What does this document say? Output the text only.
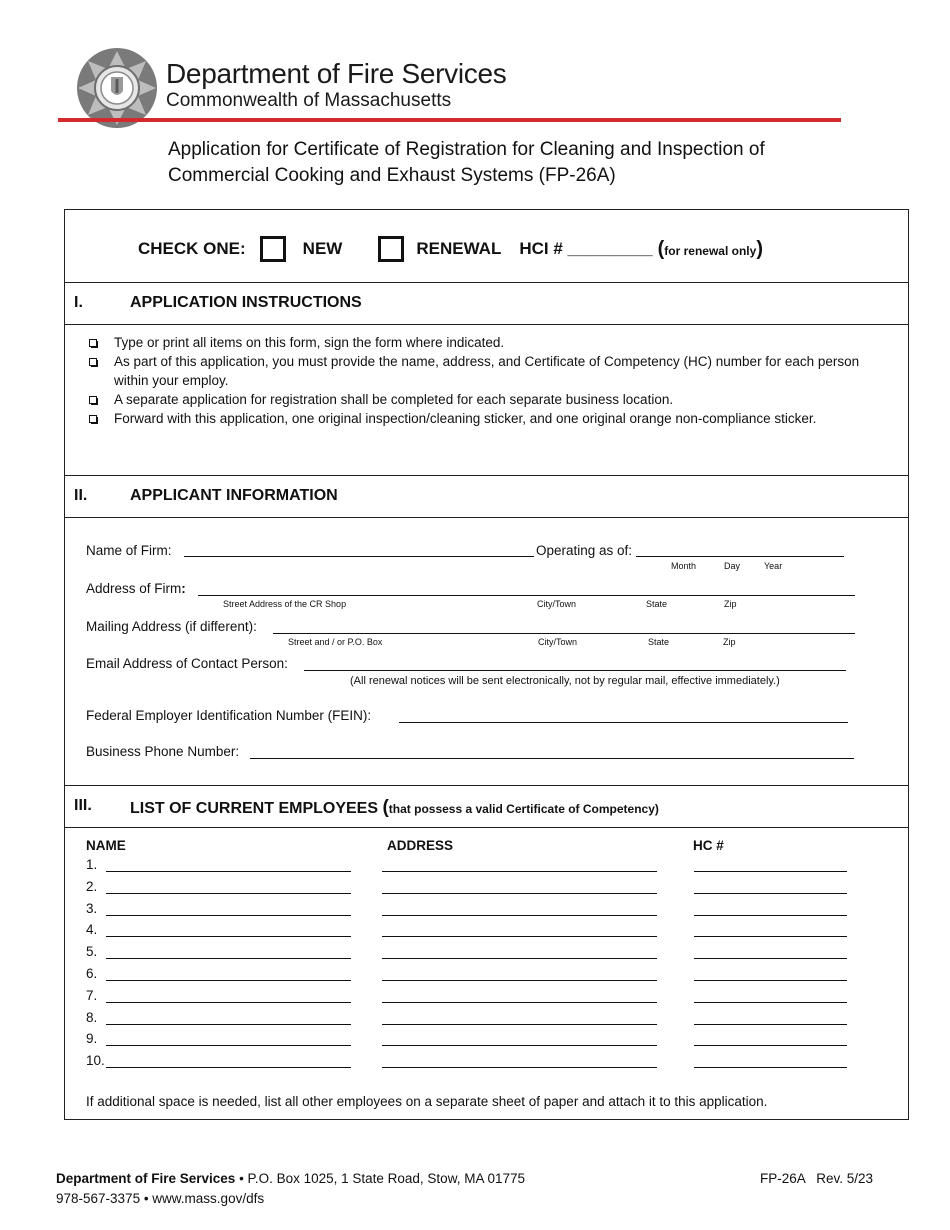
Department of Fire Services
Commonwealth of Massachusetts
Application for Certificate of Registration for Cleaning and Inspection of
Commercial Cooking and Exhaust Systems (FP-26A)
CHECK ONE:	NEW	RENEWAL HCI # _________ ( for renewal only )
I.	APPLICATION INSTRUCTIONS
Type or print all items on this form, sign the form where indicated.
As part of this application, you must provide the name, address, and Certificate of Competency (HC) number for each person within your employ.
A separate application for registration shall be completed for each separate business location.
Forward with this application, one original inspection/cleaning sticker, and one original orange non-compliance sticker.
II.	APPLICANT INFORMATION
Name of Firm:	Operating as of:
Month	Day	Year
Address of Firm:
Street Address of the CR Shop	City/Town	State	Zip
Mailing Address (if different):
Street and / or P.O. Box	City/Town	State	Zip
Email Address of Contact Person:
(All renewal notices will be sent electronically, not by regular mail, effective immediately.)
Federal Employer Identification Number (FEIN):
Business Phone Number:
III. LIST OF CURRENT EMPLOYEES (that possess a valid Certificate of Competency)
NAME	ADDRESS	HC #
1.
2.
3.
4.
5.
6.
7.
8.
9.
10.
If additional space is needed, list all other employees on a separate sheet of paper and attach it to this application.
Department of Fire Services • P.O. Box 1025, 1 State Road, Stow, MA 01775
978-567-3375 • www.mass.gov/dfs
FP-26A   Rev. 5/23
